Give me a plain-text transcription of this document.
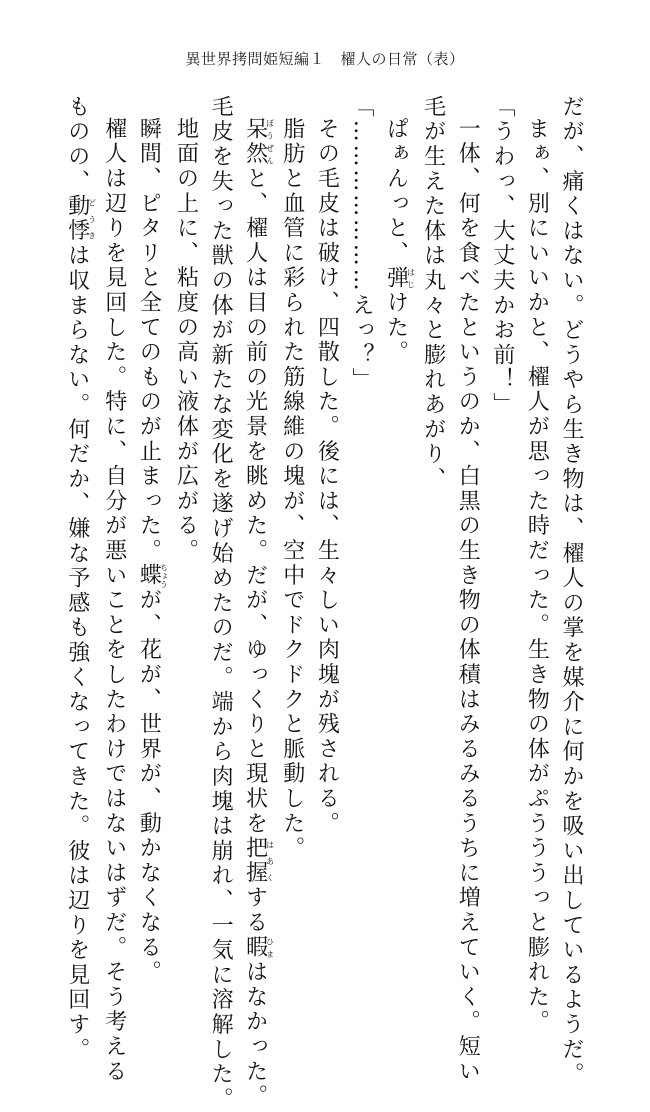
異世界拷問姫短編１　櫂人の日常（表）
だが、痛くはない。どうやら生き物は、櫂人の掌を媒介に何かを吸い出しているようだ。
まぁ、別にいいかと、櫂人が思った時だった。生き物の体がぷうううっと膨れた。
「うわっ、大丈夫かお前！」
一体、何を食べたというのか、白黒の生き物の体積はみるみるうちに増えていく。短い
毛が生えた体は丸々と膨れあがり、
ぱぁんっと、弾はじけた。
「…………………えっ？」
その毛皮は破け、四散した。後には、生々しい肉塊が残される。
脂肪と血管に彩られた筋線維の塊が、空中でドクドクと脈動した。
呆然ぼうぜんと、櫂人は目の前の光景を眺めた。だが、ゆっくりと現状を把握はあくする暇ひまはなかった。
毛皮を失った獣の体が新たな変化を遂げ始めたのだ。端から肉塊は崩れ、一気に溶解した。
地面の上に、粘度の高い液体が広がる。
瞬間、ピタリと全てのものが止まった。蝶ちょうが、花が、世界が、動かなくなる。
櫂人は辺りを見回した。特に、自分が悪いことをしたわけではないはずだ。そう考える
ものの、動悸どうきは収まらない。何だか、嫌な予感も強くなってきた。彼は辺りを見回す。
